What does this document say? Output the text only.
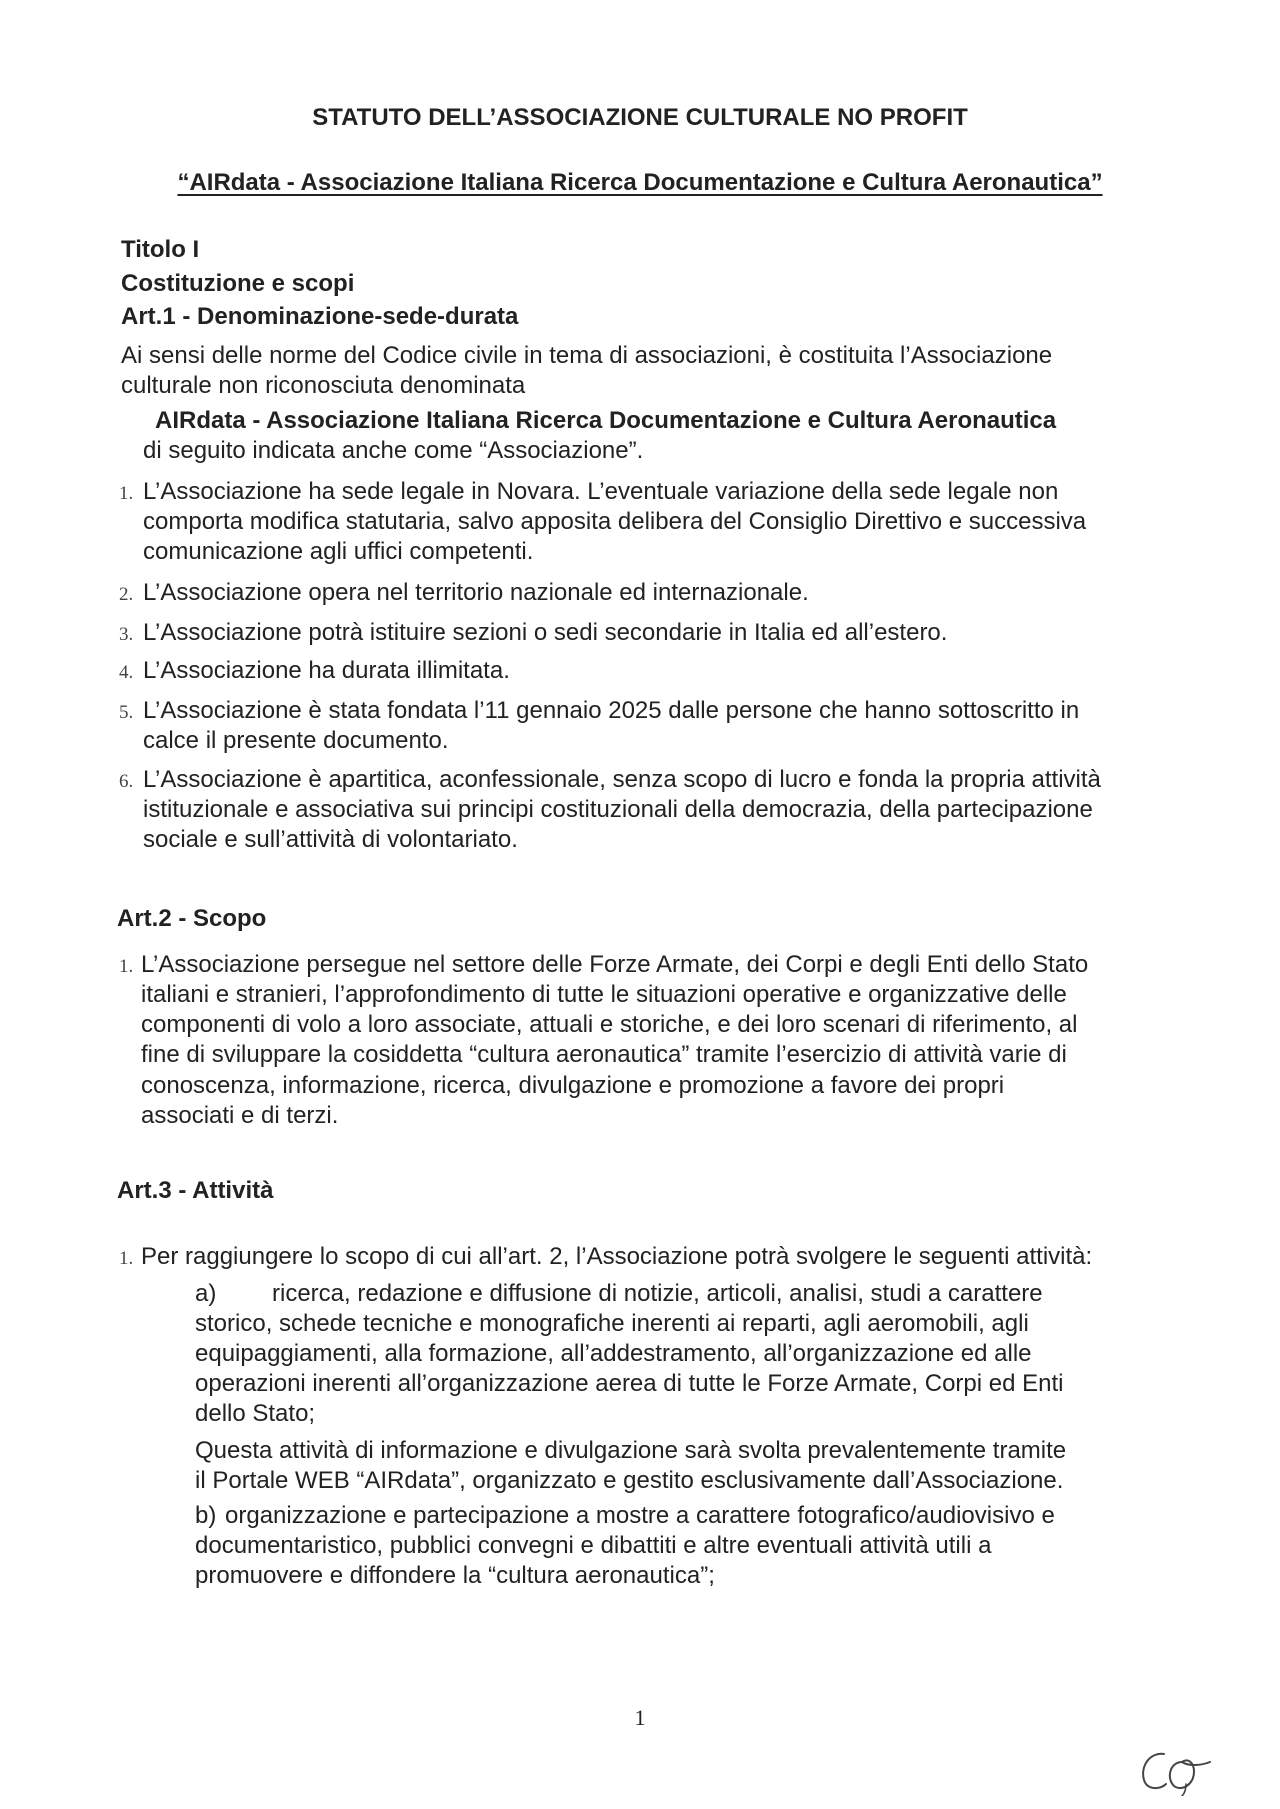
STATUTO DELL’ASSOCIAZIONE CULTURALE NO PROFIT

“AIRdata - Associazione Italiana Ricerca Documentazione e Cultura Aeronautica”

Titolo I

Costituzione e scopi

Art.1 - Denominazione-sede-durata

Ai sensi delle norme del Codice civile in tema di associazioni, è costituita l’Associazione

culturale non riconosciuta denominata

AIRdata - Associazione Italiana Ricerca Documentazione e Cultura Aeronautica

di seguito indicata anche come “Associazione”.

1. L’Associazione ha sede legale in Novara. L’eventuale variazione della sede legale non

comporta modifica statutaria, salvo apposita delibera del Consiglio Direttivo e successiva

comunicazione agli uffici competenti.

2. L’Associazione opera nel territorio nazionale ed internazionale.

3. L’Associazione potrà istituire sezioni o sedi secondarie in Italia ed all’estero.

4. L’Associazione ha durata illimitata.

5. L’Associazione è stata fondata l’11 gennaio 2025 dalle persone che hanno sottoscritto in

calce il presente documento.

6. L’Associazione è apartitica, aconfessionale, senza scopo di lucro e fonda la propria attività

istituzionale e associativa sui principi costituzionali della democrazia, della partecipazione

sociale e sull’attività di volontariato.

Art.2 - Scopo

1. L’Associazione persegue nel settore delle Forze Armate, dei Corpi e degli Enti dello Stato

italiani e stranieri, l’approfondimento di tutte le situazioni operative e organizzative delle

componenti di volo a loro associate, attuali e storiche, e dei loro scenari di riferimento, al

fine di sviluppare la cosiddetta “cultura aeronautica” tramite l’esercizio di attività varie di

conoscenza, informazione, ricerca, divulgazione e promozione a favore dei propri

associati e di terzi.

Art.3 - Attività

1. Per raggiungere lo scopo di cui all’art. 2, l’Associazione potrà svolgere le seguenti attività:

a) ricerca, redazione e diffusione di notizie, articoli, analisi, studi a carattere

storico, schede tecniche e monografiche inerenti ai reparti, agli aeromobili, agli

equipaggiamenti, alla formazione, all’addestramento, all’organizzazione ed alle

operazioni inerenti all’organizzazione aerea di tutte le Forze Armate, Corpi ed Enti

dello Stato;

Questa attività di informazione e divulgazione sarà svolta prevalentemente tramite

il Portale WEB “AIRdata”, organizzato e gestito esclusivamente dall’Associazione.

b) organizzazione e partecipazione a mostre a carattere fotografico/audiovisivo e

documentaristico, pubblici convegni e dibattiti e altre eventuali attività utili a

promuovere e diffondere la “cultura aeronautica”;

1
